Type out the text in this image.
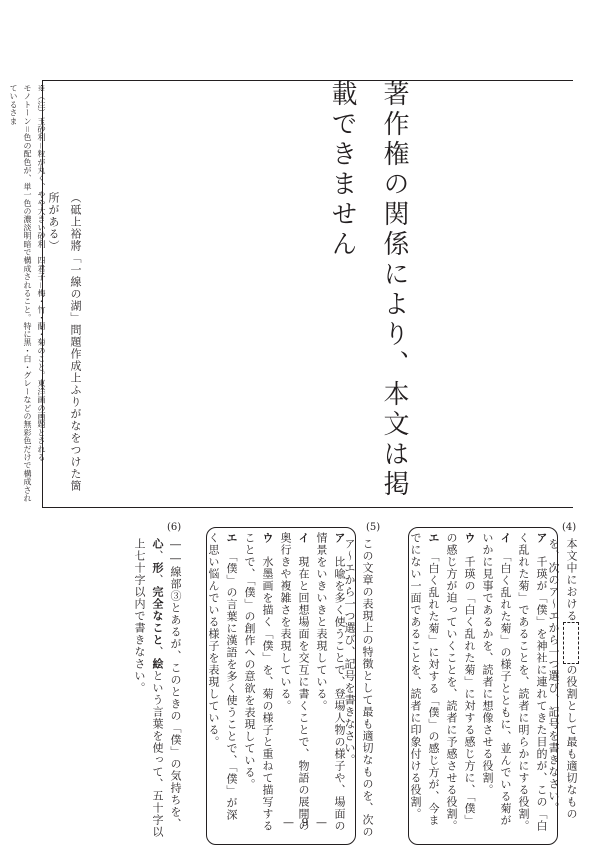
著作権の関係により、本文は掲載できません
（砥上裕將「一線の湖」問題作成上ふりがなをつけた箇所がある）
※（注）玉砂利＝粒が丸く、やや大きい砂利　四君子＝梅・竹・蘭・菊のこと。東洋画の画題とされる
モノトーン＝色の配色が、単一色の濃淡明暗で構成されること。特に黒・白・グレーなどの無彩色だけで構成されているさま
(4)
本文中におけるの役割として最も適切なものを、次のア〜エから一つ選び、記号を書きなさい。
ア　千瑛が「僕」を神社に連れてきた目的が、この「白く乱れた菊」であることを、読者に明らかにする役割。
イ　「白く乱れた菊」の様子とともに、並んでいる菊がいかに見事であるかを、読者に想像させる役割。
ウ　千瑛の「白く乱れた菊」に対する感じ方に、「僕」の感じ方が迫っていくことを、読者に予感させる役割。
エ　「白く乱れた菊」に対する「僕」の感じ方が、今までにない一面であることを、読者に印象付ける役割。
(5)
この文章の表現上の特徴として最も適切なものを、次のア〜エから一つ選び、記号を書きなさい。
ア　比喩を多く使うことで、登場人物の様子や、場面の情景をいきいきと表現している。
イ　現在と回想場面を交互に書くことで、物語の展開の奥行きや複雑さを表現している。
ウ　水墨画を描く「僕」を、菊の様子と重ねて描写することで、「僕」の創作への意欲を表現している。
エ　「僕」の言葉に漢語を多く使うことで、「僕」が深く思い悩んでいる様子を表現している。
(6)
――線部③とあるが、このときの「僕」の気持ちを、心、形、完全なこと、絵という言葉を使って、五十字以上七十字以内で書きなさい。
— 9 —
